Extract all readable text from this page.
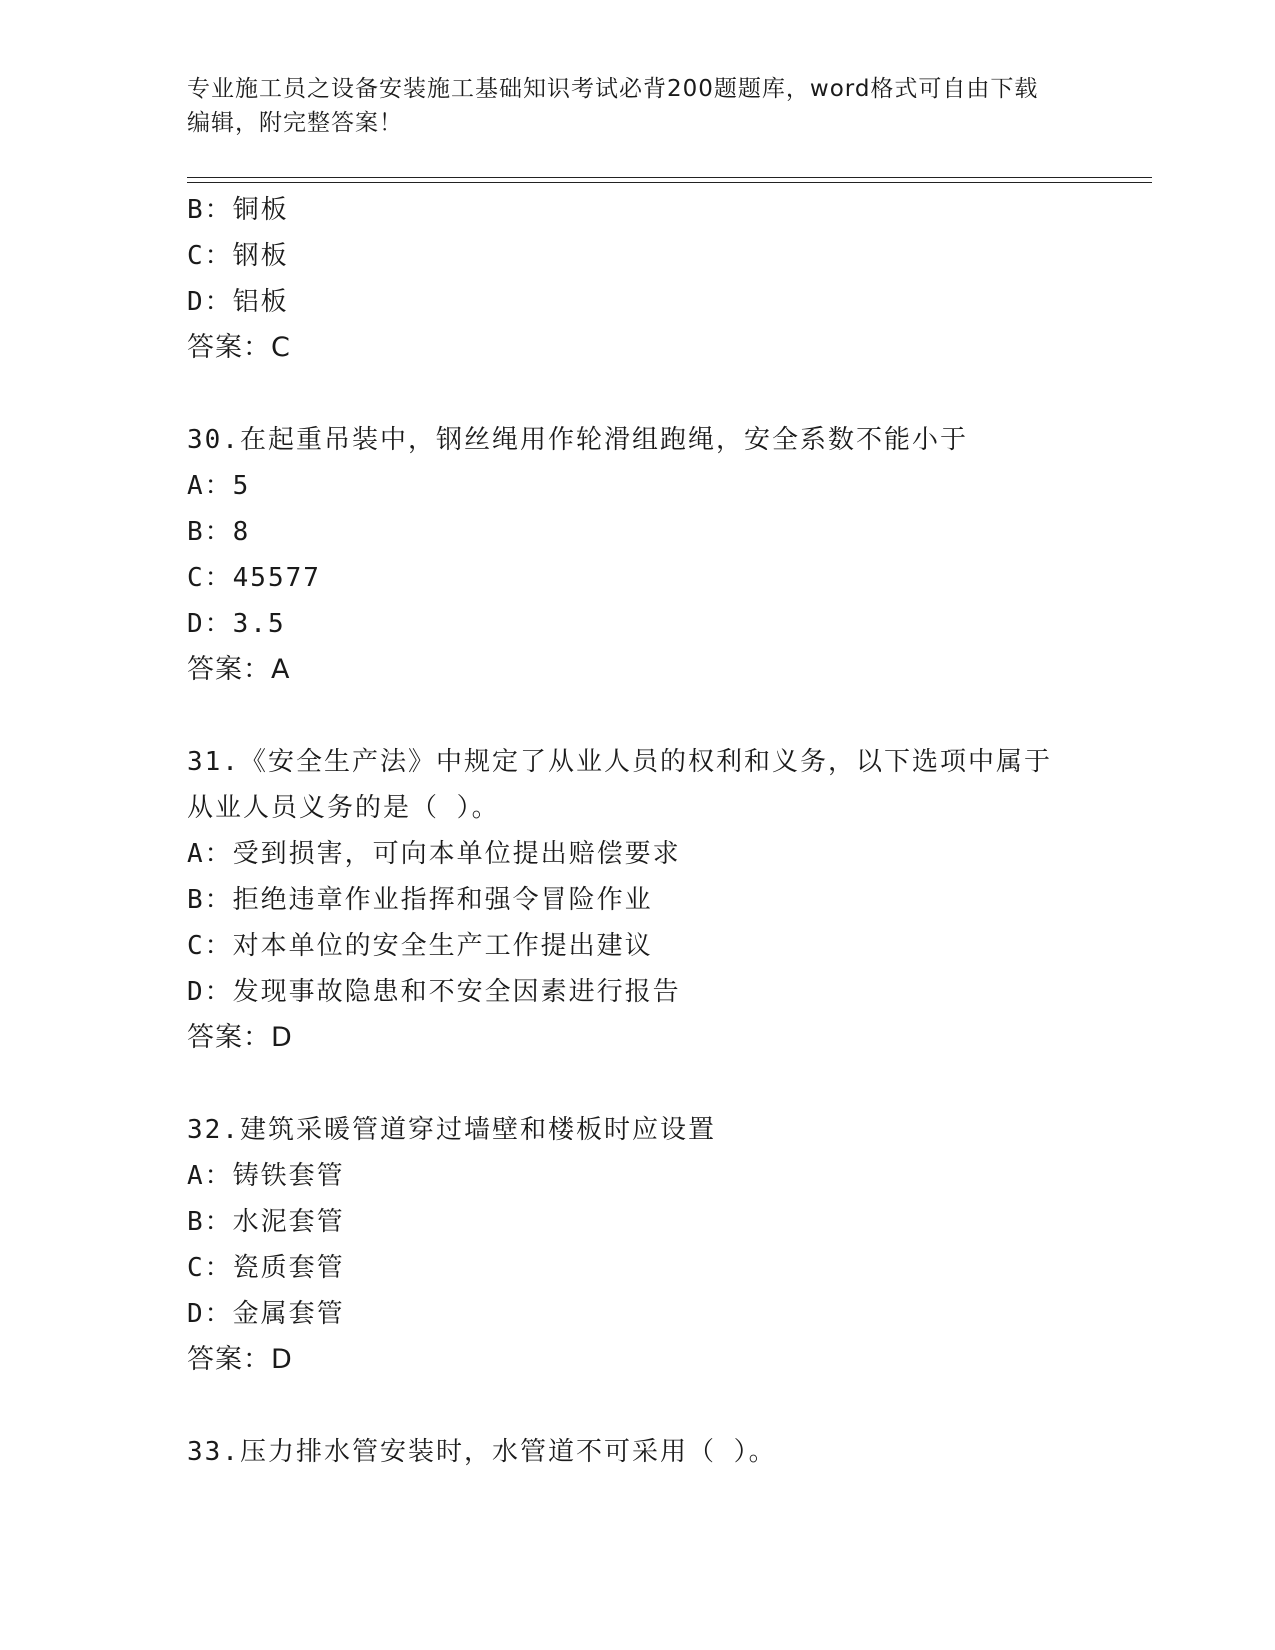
专业施工员之设备安装施工基础知识考试必背200题题库，word格式可自由下载
编辑，附完整答案！
B：铜板
C：钢板
D：铝板
答案：C
30.在起重吊装中，钢丝绳用作轮滑组跑绳，安全系数不能小于
A：5
B：8
C：45577
D：3.5
答案：A
31.《安全生产法》中规定了从业人员的权利和义务，以下选项中属于
从业人员义务的是（ ）。
A：受到损害，可向本单位提出赔偿要求
B：拒绝违章作业指挥和强令冒险作业
C：对本单位的安全生产工作提出建议
D：发现事故隐患和不安全因素进行报告
答案：D
32.建筑采暖管道穿过墙壁和楼板时应设置
A：铸铁套管
B：水泥套管
C：瓷质套管
D：金属套管
答案：D
33.压力排水管安装时，水管道不可采用（ ）。
